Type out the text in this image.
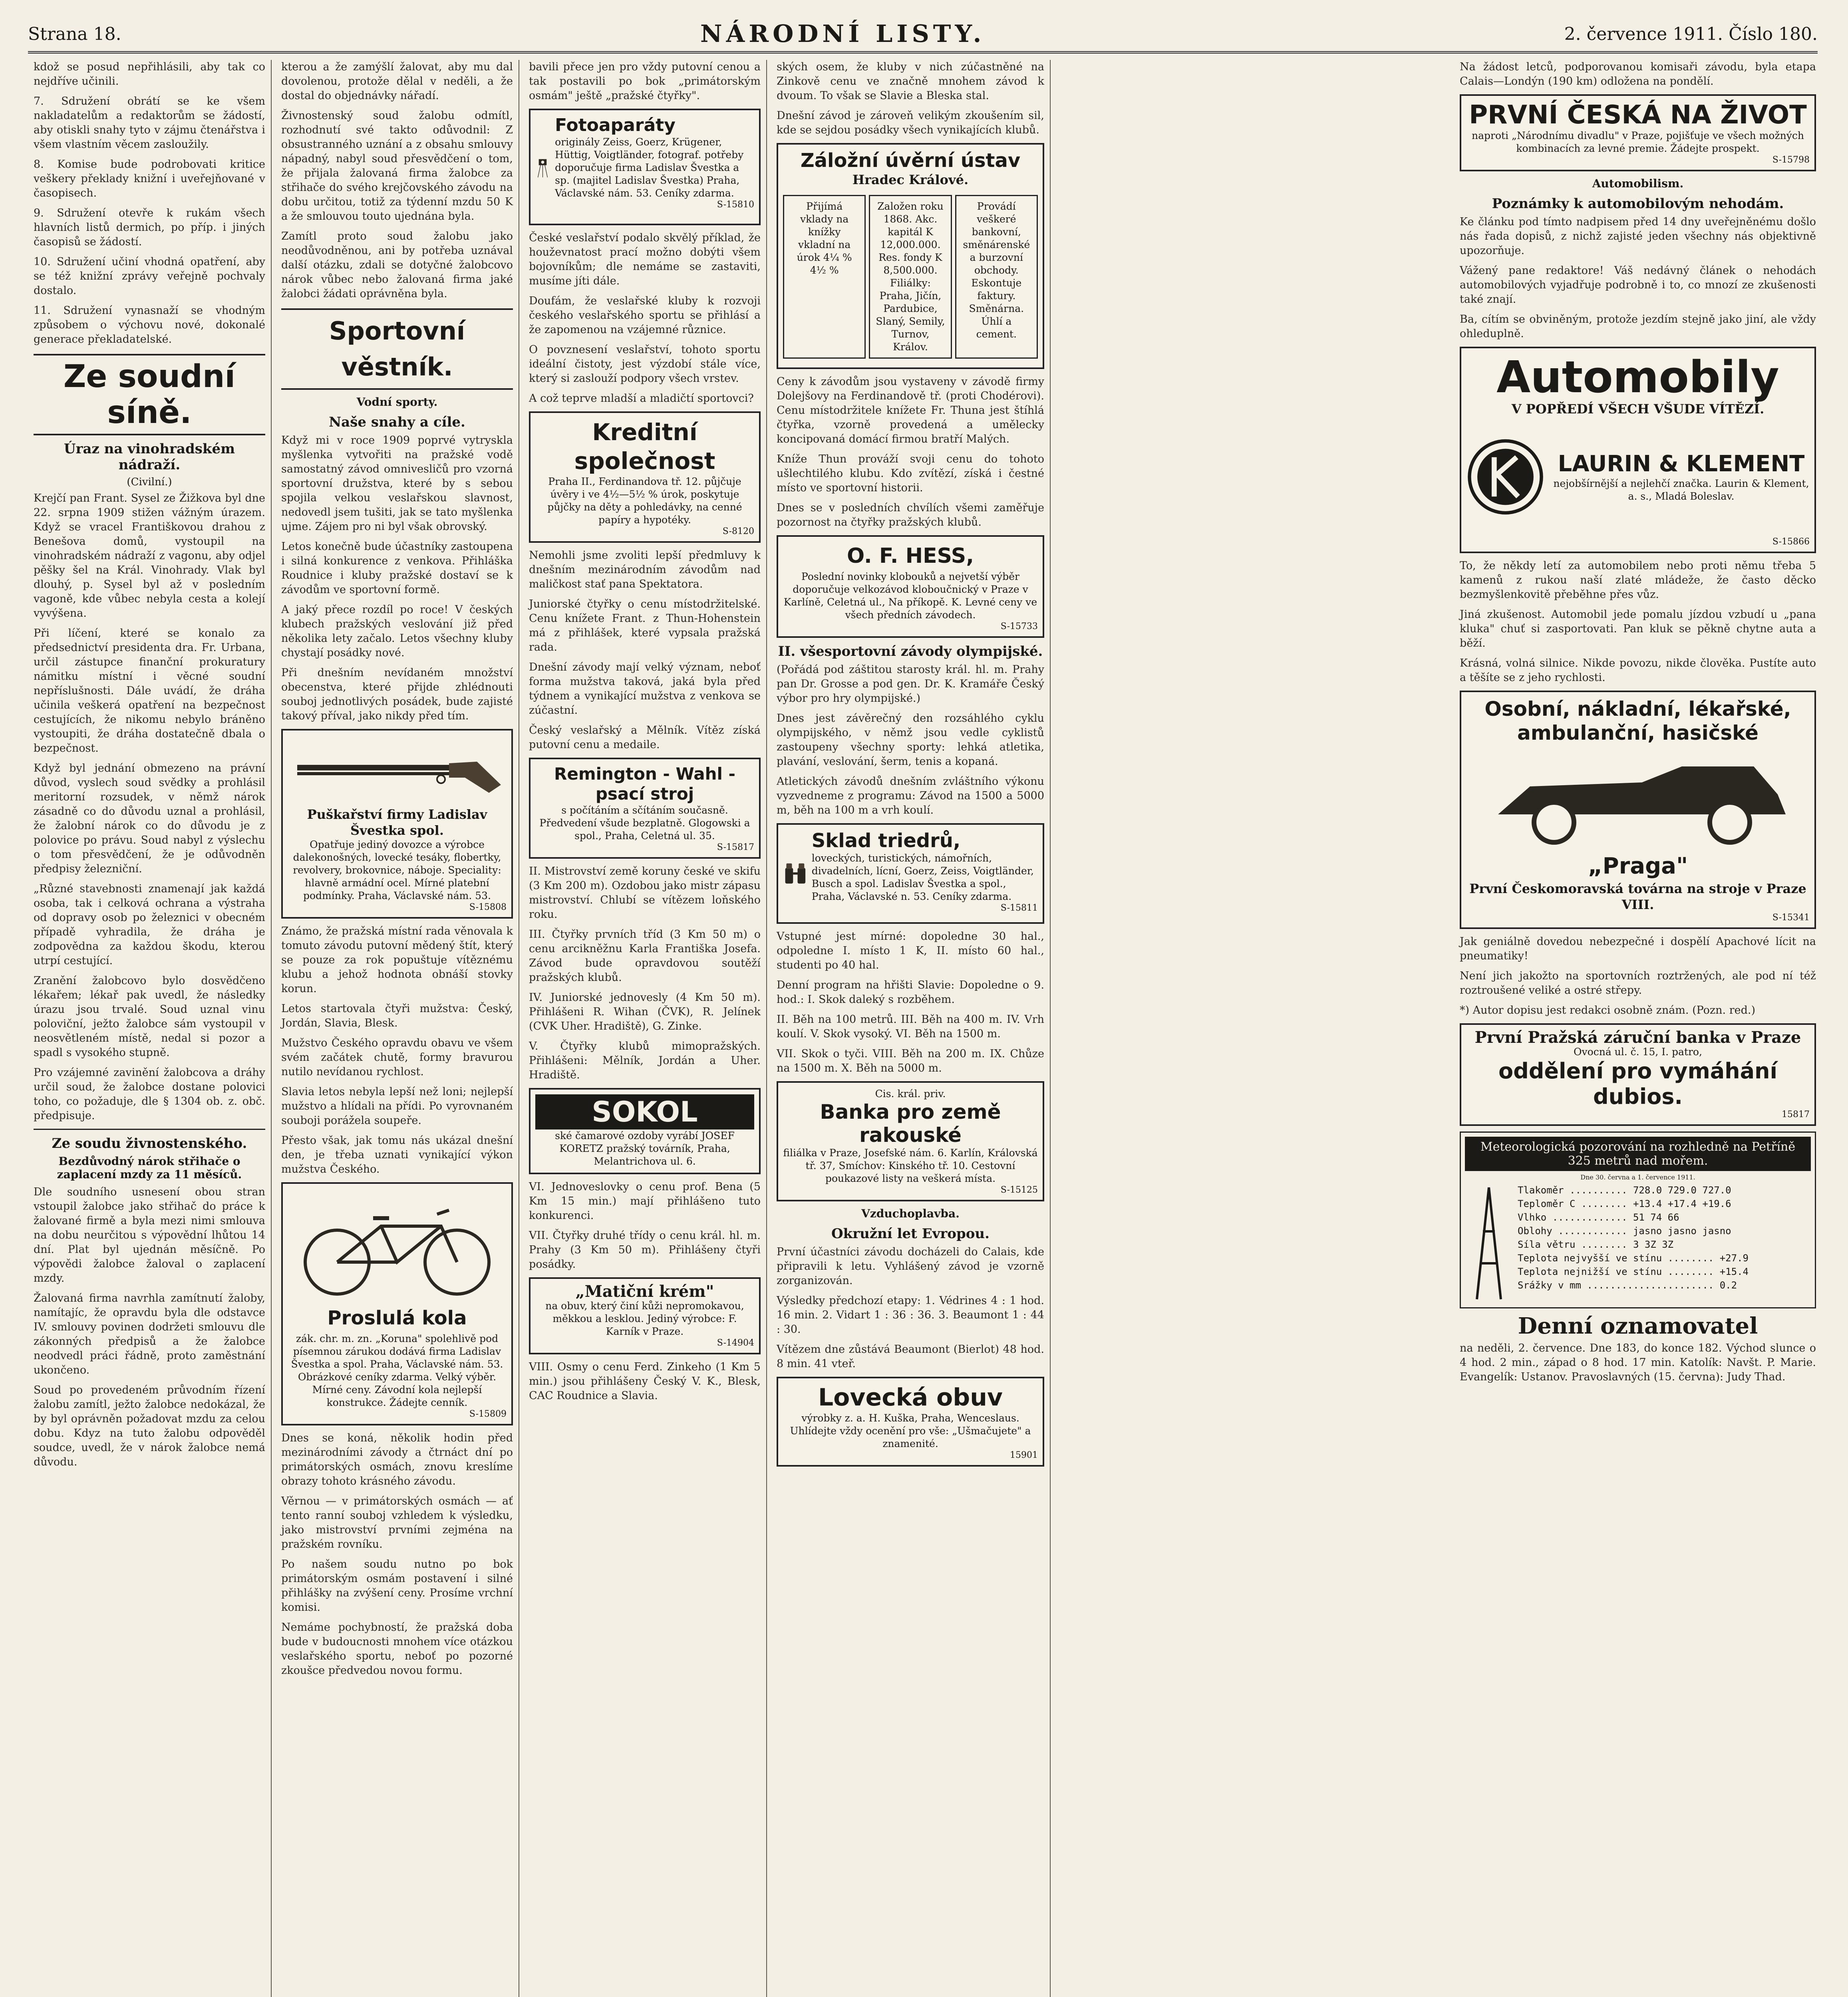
Strana 18.	NÁRODNÍ LISTY.	2. července 1911. Číslo 180.

kdož se posud nepřihlásili, aby tak co nejdříve učinili.

7. Sdružení obrátí se ke všem nakladatelům a redaktorům se žádostí, aby otiskli snahy tyto v zájmu čtenářstva i všem vlastním věcem zasloužily.

8. Komise bude podrobovati kritice veškery překlady knižní i uveřejňované v časopisech.

9. Sdružení otevře k rukám všech hlavních listů dermich, po příp. i jiných časopisů se žádostí.

10. Sdružení učiní vhodná opatření, aby se též knižní zprávy veřejně pochvaly dostalo.

11. Sdružení vynasnaží se vhodným způsobem o výchovu nové, dokonalé generace překladatelské.

Ze soudní síně.
Úraz na vinohradském nádraží.
(Civilní.)

Krejčí pan Frant. Sysel ze Žižkova byl dne 22. srpna 1909 stižen vážným úrazem. Když se vracel Františkovou drahou z Benešova domů, vystoupil na vinohradském nádraží z vagonu, aby odjel pěšky šel na Král. Vinohrady. Vlak byl dlouhý, p. Sysel byl až v posledním vagoně, kde vůbec nebyla cesta a kolejí vyvýšena.

Při líčení, které se konalo za předsednictví presidenta dra. Fr. Urbana, určil zástupce finanční prokuratury námitku místní i věcné soudní nepříslušnosti. Dále uvádí, že dráha učinila veškerá opatření na bezpečnost cestujících, že nikomu nebylo bráněno vystoupiti, že dráha dostatečně dbala o bezpečnost.

Když byl jednání obmezeno na právní důvod, vyslech soud svědky a prohlásil meritorní rozsudek, v němž nárok zásadně co do důvodu uznal a prohlásil, že žalobní nárok co do důvodu je z polovice po právu. Soud nabyl z výslechu o tom přesvědčení, že je odůvodněn předpisy železniční.

„Různé stavebnosti znamenají jak každá osoba, tak i celková ochrana a výstraha od dopravy osob po železnici v obecném případě vyhradila, že dráha je zodpovědna za každou škodu, kterou utrpí cestující.

Zranění žalobcovo bylo dosvědčeno lékařem; lékař pak uvedl, že následky úrazu jsou trvalé. Soud uznal vinu poloviční, ježto žalobce sám vystoupil v neosvětleném místě, nedal si pozor a spadl s vysokého stupně.

Pro vzájemné zavinění žalobcova a dráhy určil soud, že žalobce dostane polovici toho, co požaduje, dle § 1304 ob. z. obč. předpisuje.

Ze soudu živnostenského.
Bezdůvodný nárok střihače o zaplacení mzdy za 11 měsíců.

Dle soudního usnesení obou stran vstoupil žalobce jako střihač do práce k žalované firmě a byla mezi nimi smlouva na dobu neurčitou s výpovědní lhůtou 14 dní. Plat byl ujednán měsíčně. Po výpovědi žalobce žaloval o zaplacení mzdy.

Žalovaná firma navrhla zamítnutí žaloby, namítajíc, že opravdu byla dle odstavce IV. smlouvy povinen dodržeti smlouvu dle zákonných předpisů a že žalobce neodvedl práci řádně, proto zaměstnání ukončeno.

Soud po provedeném průvodním řízení žalobu zamítl, ježto žalobce nedokázal, že by byl oprávněn požadovat mzdu za celou dobu. Kdyz na tuto žalobu odpověděl soudce, uvedl, že v nárok žalobce nemá důvodu.

kterou a že zamýšlí žalovat, aby mu dal dovolenou, protože dělal v neděli, a že dostal do objednávky nářadí.

Živnostenský soud žalobu odmítl, rozhodnutí své takto odůvodnil: Z obsustranného uznání a z obsahu smlouvy nápadný, nabyl soud přesvědčení o tom, že přijala žalovaná firma žalobce za střihače do svého krejčovského závodu na dobu určitou, totiž za týdenní mzdu 50 K a že smlouvou touto ujednána byla.

Zamítl proto soud žalobu jako neodůvodněnou, ani by potřeba uznával další otázku, zdali se dotyčné žalobcovo nárok vůbec nebo žalovaná firma jaké žalobci žádati oprávněna byla.

Sportovní věstník.
Vodní sporty.
Naše snahy a cíle.

Když mi v roce 1909 poprvé vytryskla myšlenka vytvořiti na pražské vodě samostatný závod omnivesličů pro vzorná sportovní družstva, které by s sebou spojila velkou veslařskou slavnost, nedovedl jsem tušiti, jak se tato myšlenka ujme. Zájem pro ni byl však obrovský.

Letos konečně bude účastníky zastoupena i silná konkurence z venkova. Přihláška Roudnice i kluby pražské dostaví se k závodům ve sportovní formě.

A jaký přece rozdíl po roce! V českých klubech pražských veslování již před několika lety začalo. Letos všechny kluby chystají posádky nové.

Při dnešním nevídaném množství obecenstva, které přijde zhlédnouti souboj jednotlivých posádek, bude zajisté takový příval, jako nikdy před tím.

Puškařství firmy Ladislav Švestka spol.
Opatřuje jediný dovozce a výrobce dalekonošných, lovecké tesáky, flobertky, revolvery, brokovnice, náboje. Speciality: hlavně armádní ocel. Mírné platební podmínky. Praha, Václavské nám. 53.
S-15808

Známo, že pražská místní rada věnovala k tomuto závodu putovní mědený štít, který se pouze za rok popuštuje vítěznému klubu a jehož hodnota obnáší stovky korun.

Letos startovala čtyři mužstva: Český, Jordán, Slavia, Blesk.

Mužstvo Českého opravdu obavu ve všem svém začátek chutě, formy bravurou nutilo nevídanou rychlost.

Slavia letos nebyla lepší než loni; nejlepší mužstvo a hlídali na přídi. Po vyrovnaném souboji porážela soupeře.

Přesto však, jak tomu nás ukázal dnešní den, je třeba uznati vynikající výkon mužstva Českého.

Proslulá kola
zák. chr. m. zn. „Koruna" spolehlivě pod písemnou zárukou dodává firma Ladislav Švestka a spol. Praha, Václavské nám. 53. Obrázkové ceníky zdarma. Velký výběr. Mírné ceny. Závodní kola nejlepší konstrukce. Žádejte cenník.
S-15809

Dnes se koná, několik hodin před mezinárodními závody a čtrnáct dní po primátorských osmách, znovu kreslíme obrazy tohoto krásného závodu.

Věrnou — v primátorských osmách — ať tento ranní souboj vzhledem k výsledku, jako mistrovství prvními zejména na pražském rovníku.

Po našem soudu nutno po bok primátorským osmám postavení i silné přihlášky na zvýšení ceny. Prosíme vrchní komisi.

Nemáme pochybností, že pražská doba bude v budoucnosti mnohem více otázkou veslařského sportu, neboť po pozorné zkoušce předvedou novou formu.

bavili přece jen pro vždy putovní cenou a tak postavili po bok „primátorským osmám" ještě „pražské čtyřky".

Fotoaparáty
originály Zeiss, Goerz, Krügener, Hüttig, Voigtländer, fotograf. potřeby doporučuje firma Ladislav Švestka a sp. (majitel Ladislav Švestka) Praha, Václavské nám. 53. Ceníky zdarma.
S-15810

České veslařství podalo skvělý příklad, že houževnatost prací možno dobýti všem bojovníkům; dle nemáme se zastaviti, musíme jíti dále.

Doufám, že veslařské kluby k rozvoji českého veslařského sportu se přihlásí a že zapomenou na vzájemné různice.

O povznesení veslařství, tohoto sportu ideální čistoty, jest výzdobí stále více, který si zaslouží podpory všech vrstev.

A což teprve mladší a mladičtí sportovci?

Kreditní společnost
Praha II., Ferdinandova tř. 12. půjčuje úvěry i ve 4½—5½ % úrok, poskytuje půjčky na děty a pohledávky, na cenné papíry a hypotéky.
S-8120

Nemohli jsme zvoliti lepší předmluvy k dnešním mezinárodním závodům nad maličkost stať pana Spektatora.

Juniorské čtyřky o cenu místodržitelské. Cenu knížete Frant. z Thun-Hohenstein má z přihlášek, které vypsala pražská rada.

Dnešní závody mají velký význam, neboť forma mužstva taková, jaká byla před týdnem a vynikající mužstva z venkova se zúčastní.

Český veslařský a Mělník. Vítěz získá putovní cenu a medaile.

Remington - Wahl - psací stroj
s počítáním a sčítáním současně. Předvedení všude bezplatně. Glogowski a spol., Praha, Celetná ul. 35.
S-15817

II. Mistrovství země koruny české ve skifu (3 Km 200 m). Ozdobou jako mistr zápasu mistrovství. Chlubí se vítězem loňského roku.

III. Čtyřky prvních tříd (3 Km 50 m) o cenu arcikněžnu Karla Františka Josefa. Závod bude opravdovou soutěží pražských klubů.

IV. Juniorské jednovesly (4 Km 50 m). Přihlášeni R. Wihan (ČVK), R. Jelínek (CVK Uher. Hradiště), G. Zinke.

V. Čtyřky klubů mimopražských. Přihlášeni: Mělník, Jordán a Uher. Hradiště.

SOKOL
ské čamarové ozdoby vyrábí JOSEF KORETZ pražský továrník, Praha, Melantrichova ul. 6.

VI. Jednoveslovky o cenu prof. Bena (5 Km 15 min.) mají přihlášeno tuto konkurenci.

VII. Čtyřky druhé třídy o cenu král. hl. m. Prahy (3 Km 50 m). Přihlášeny čtyři posádky.

„Matiční krém"
na obuv, který činí kůži nepromokavou, měkkou a lesklou. Jediný výrobce: F. Karník v Praze.
S-14904

VIII. Osmy o cenu Ferd. Zinkeho (1 Km 5 min.) jsou přihlášeny Český V. K., Blesk, CAC Roudnice a Slavia.

ských osem, že kluby v nich zúčastněné na Zinkově cenu ve značně mnohem závod k dvoum. To však se Slavie a Bleska stal.

Dnešní závod je zároveň velikým zkoušením sil, kde se sejdou posádky všech vynikajících klubů.

Záložní úvěrní ústav
Hradec Králové.
Přijímá vklady na knížky vkladní na úrok 4¼ % 4½ %
Založen roku 1868. Akc. kapitál K 12,000.000. Res. fondy K 8,500.000. Filiálky: Praha, Jičín, Pardubice, Slaný, Semily, Turnov, Králov.
Provádí veškeré bankovní, směnárenské a burzovní obchody. Eskontuje faktury. Směnárna. Úhlí a cement.

Ceny k závodům jsou vystaveny v závodě firmy Dolejšovy na Ferdinandově tř. (proti Chodérovi). Cenu místodržitele knížete Fr. Thuna jest štíhlá čtyřka, vzorně provedená a umělecky koncipovaná domácí firmou bratří Malých.

Kníže Thun prováží svoji cenu do tohoto ušlechtilého klubu. Kdo zvítězí, získá i čestné místo ve sportovní historii.

Dnes se v posledních chvílích všemi zaměřuje pozornost na čtyřky pražských klubů.

O. F. HESS,
Poslední novinky klobouků a nejvetší výběr doporučuje velkozávod kloboučnický v Praze v Karlíně, Celetná ul., Na příkopě. K. Levné ceny ve všech předních závodech.
S-15733
II. všesportovní závody olympijské.

(Pořádá pod záštitou starosty král. hl. m. Prahy pan Dr. Grosse a pod gen. Dr. K. Kramáře Český výbor pro hry olympijské.)

Dnes jest závěrečný den rozsáhlého cyklu olympijského, v němž jsou vedle cyklistů zastoupeny všechny sporty: lehká atletika, plavání, veslování, šerm, tenis a kopaná.

Atletických závodů dnešním zvláštního výkonu vyzvedneme z programu: Závod na 1500 a 5000 m, běh na 100 m a vrh koulí.

Sklad triedrů,
loveckých, turistických, námořních, divadelních, lícní, Goerz, Zeiss, Voigtländer, Busch a spol. Ladislav Švestka a spol., Praha, Václavské n. 53. Ceníky zdarma.
S-15811

Vstupné jest mírné: dopoledne 30 hal., odpoledne I. místo 1 K, II. místo 60 hal., studenti po 40 hal.

Denní program na hřišti Slavie: Dopoledne o 9. hod.: I. Skok daleký s rozběhem.

II. Běh na 100 metrů. III. Běh na 400 m. IV. Vrh koulí. V. Skok vysoký. VI. Běh na 1500 m.

VII. Skok o tyči. VIII. Běh na 200 m. IX. Chůze na 1500 m. X. Běh na 5000 m.

Cis. král. priv.
Banka pro země rakouské
filiálka v Praze, Josefské nám. 6. Karlín, Královská tř. 37, Smíchov: Kinského tř. 10. Cestovní poukazové listy na veškerá místa.
S-15125
Vzduchoplavba.
Okružní let Evropou.

První účastníci závodu docházeli do Calais, kde připravili k letu. Vyhlášený závod je vzorně zorganizován.

Výsledky předchozí etapy: 1. Védrines 4 : 1 hod. 16 min. 2. Vidart 1 : 36 : 36. 3. Beaumont 1 : 44 : 30.

Vítězem dne zůstává Beaumont (Bierlot) 48 hod. 8 min. 41 vteř.

Lovecká obuv
výrobky z. a. H. Kuška, Praha, Wenceslaus. Uhlídejte vždy ocenění pro vše: „Ušmačujete" a znamenité.
15901

Na žádost letců, podporovanou komisaři závodu, byla etapa Calais—Londýn (190 km) odložena na pondělí.

PRVNÍ ČESKÁ NA ŽIVOT
naproti „Národnímu divadlu" v Praze, pojišťuje ve všech možných kombinacích za levné premie. Žádejte prospekt.
S-15798
Automobilism.
Poznámky k automobilovým nehodám.

Ke článku pod tímto nadpisem před 14 dny uveřejněnému došlo nás řada dopisů, z nichž zajisté jeden všechny nás objektivně upozorňuje.

Vážený pane redaktore! Váš nedávný článek o nehodách automobilových vyjadřuje podrobně i to, co mnozí ze zkušenosti také znají.

Ba, cítím se obviněným, protože jezdím stejně jako jiní, ale vždy ohleduplně.

Automobily
V POPŘEDÍ VŠECH VŠUDE VÍTĚZÍ.
LAURIN & KLEMENT
nejobšírnější a nejlehčí značka. Laurin & Klement, a. s., Mladá Boleslav.
S-15866

To, že někdy letí za automobilem nebo proti němu třeba 5 kamenů z rukou naší zlaté mládeže, že často děcko bezmyšlenkovitě přeběhne přes vůz.

Jiná zkušenost. Automobil jede pomalu jízdou vzbudí u „pana kluka" chuť si zasportovati. Pan kluk se pěkně chytne auta a běží.

Krásná, volná silnice. Nikde povozu, nikde člověka. Pustíte auto a těšíte se z jeho rychlosti.

Osobní, nákladní, lékařské, ambulanční, hasičské
„Praga"
První Českomoravská továrna na stroje v Praze VIII.
S-15341

Jak geniálně dovedou nebezpečné i dospělí Apachové lícit na pneumatiky!

Není jich jakožto na sportovních roztržených, ale pod ní též roztroušené veliké a ostré střepy.

*) Autor dopisu jest redakci osobně znám. (Pozn. red.)

První Pražská záruční banka v Praze
Ovocná ul. č. 15, I. patro,
oddělení pro vymáhání dubios.
15817
Meteorologická pozorování na rozhledně na Petříně 325 metrů nad mořem.
Dne 30. června a 1. července 1911.
Tlakoměr .......... 728.0 729.0 727.0
Teploměr C ........ +13.4 +17.4 +19.6
Vlhko ............. 51 74 66
Oblohy ............ jasno jasno jasno
Síla větru ........ 3 3Z 3Z
Teplota nejvyšší ve stínu ........ +27.9
Teplota nejnižší ve stínu ........ +15.4
Srážky v mm ...................... 0.2
Denní oznamovatel

na neděli, 2. července. Dne 183, do konce 182. Východ slunce o 4 hod. 2 min., západ o 8 hod. 17 min. Katolík: Navšt. P. Marie. Evangelík: Ustanov. Pravoslavných (15. června): Judy Thad.
